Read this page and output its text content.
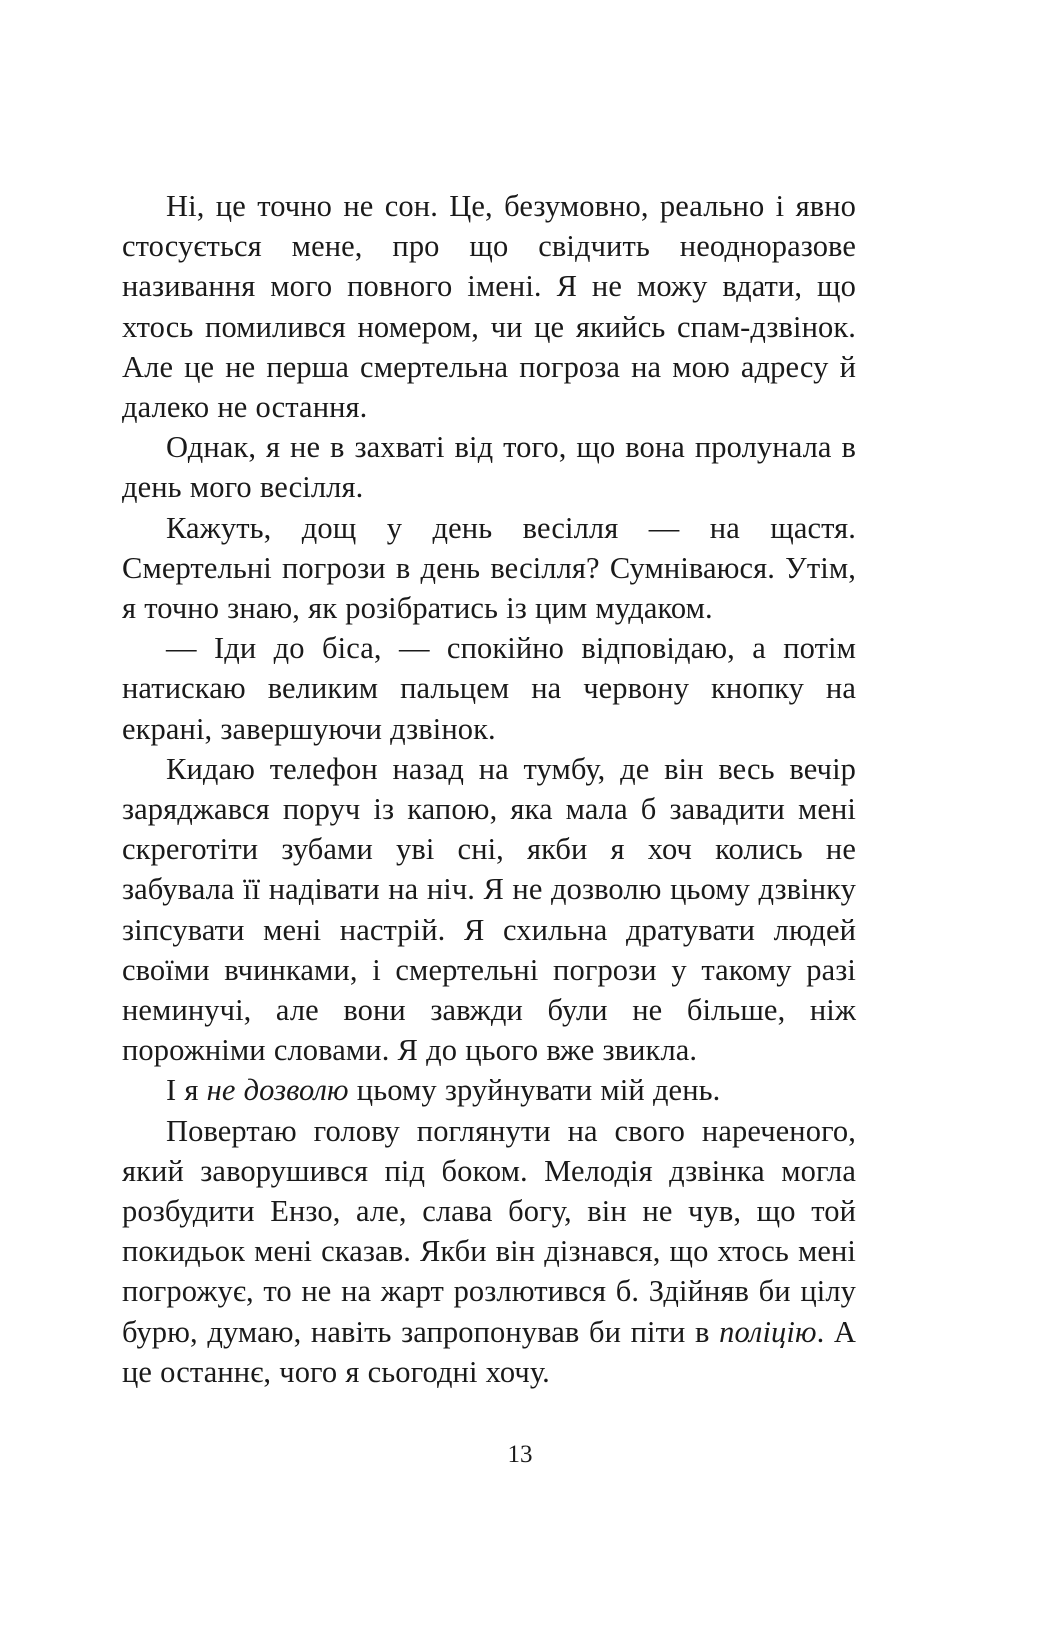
Ні, це точно не сон. Це, безумовно, реально і явно стосується мене, про що свідчить неодноразове називання мого повного імені. Я не можу вдати, що хтось помилився номером, чи це якийсь спам-дзвінок. Але це не перша смертельна погроза на мою адресу й далеко не остання.

Однак, я не в захваті від того, що вона пролунала в день мого весілля.

Кажуть, дощ у день весілля — на щастя. Смертельні погрози в день весілля? Сумніваюся. Утім, я точно знаю, як розібратись із цим мудаком.

— Іди до біса, — спокійно відповідаю, а потім натискаю великим пальцем на червону кнопку на екрані, завершуючи дзвінок.

Кидаю телефон назад на тумбу, де він весь вечір заряджався поруч із капою, яка мала б завадити мені скреготіти зубами уві сні, якби я хоч колись не забувала її надівати на ніч. Я не дозволю цьому дзвінку зіпсувати мені настрій. Я схильна дратувати людей своїми вчинками, і смертельні погрози у такому разі неминучі, але вони завжди були не більше, ніж порожніми словами. Я до цього вже звикла.

І я не дозволю цьому зруйнувати мій день.

Повертаю голову поглянути на свого нареченого, який заворушився під боком. Мелодія дзвінка могла розбудити Ензо, але, слава богу, він не чув, що той покидьок мені сказав. Якби він дізнався, що хтось мені погрожує, то не на жарт розлютився б. Здійняв би цілу бурю, думаю, навіть запропонував би піти в поліцію. А це останнє, чого я сьогодні хочу.

13
